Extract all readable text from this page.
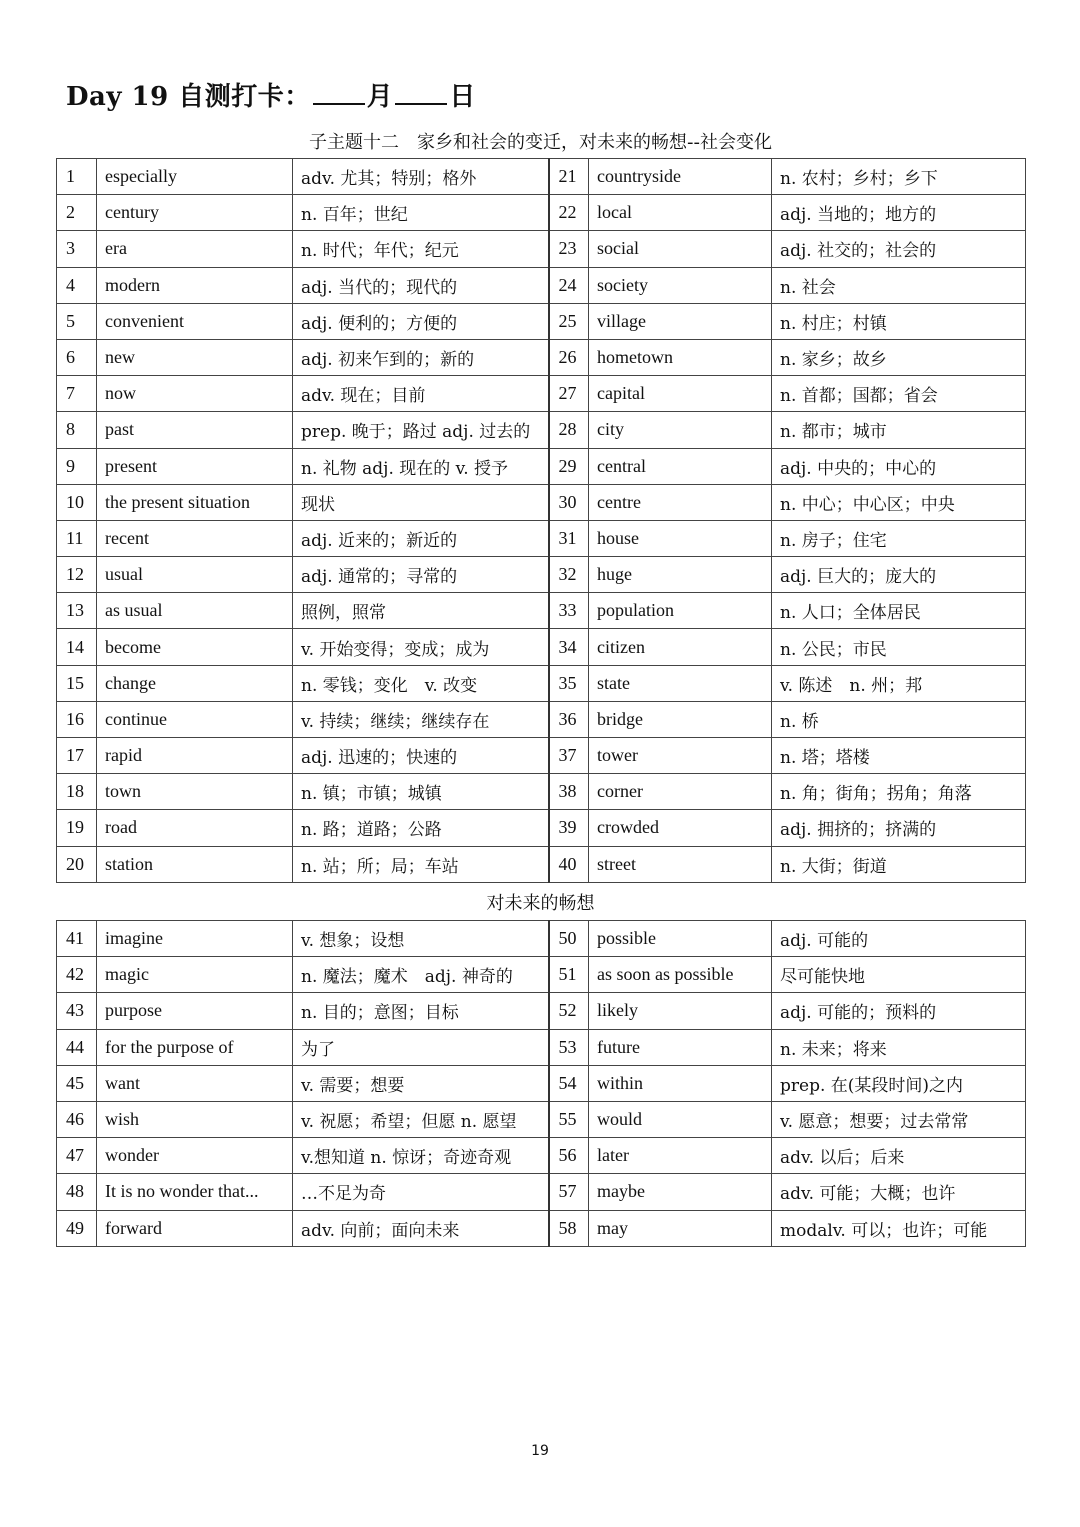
Day 19 自测打卡： 月 日
子主题十二　家乡和社会的变迁，对未来的畅想--社会变化
1	especially	adv. 尤其；特别；格外	21	countryside	n. 农村；乡村；乡下
2	century	n. 百年；世纪	22	local	adj. 当地的；地方的
3	era	n. 时代；年代；纪元	23	social	adj. 社交的；社会的
4	modern	adj. 当代的；现代的	24	society	n. 社会
5	convenient	adj. 便利的；方便的	25	village	n. 村庄；村镇
6	new	adj. 初来乍到的；新的	26	hometown	n. 家乡；故乡
7	now	adv. 现在；目前	27	capital	n. 首都；国都；省会
8	past	prep. 晚于；路过 adj. 过去的	28	city	n. 都市；城市
9	present	n. 礼物 adj. 现在的 v. 授予	29	central	adj. 中央的；中心的
10	the present situation	现状	30	centre	n. 中心；中心区；中央
11	recent	adj. 近来的；新近的	31	house	n. 房子；住宅
12	usual	adj. 通常的；寻常的	32	huge	adj. 巨大的；庞大的
13	as usual	照例，照常	33	population	n. 人口；全体居民
14	become	v. 开始变得；变成；成为	34	citizen	n. 公民；市民
15	change	n. 零钱；变化　v. 改变	35	state	v. 陈述　n. 州；邦
16	continue	v. 持续；继续；继续存在	36	bridge	n. 桥
17	rapid	adj. 迅速的；快速的	37	tower	n. 塔；塔楼
18	town	n. 镇；市镇；城镇	38	corner	n. 角；街角；拐角；角落
19	road	n. 路；道路；公路	39	crowded	adj. 拥挤的；挤满的
20	station	n. 站；所；局；车站	40	street	n. 大街；街道
对未来的畅想
41	imagine	v. 想象；设想	50	possible	adj. 可能的
42	magic	n. 魔法；魔术　adj. 神奇的	51	as soon as possible	尽可能快地
43	purpose	n. 目的；意图；目标	52	likely	adj. 可能的；预料的
44	for the purpose of	为了	53	future	n. 未来；将来
45	want	v. 需要；想要	54	within	prep. 在(某段时间)之内
46	wish	v. 祝愿；希望；但愿 n. 愿望	55	would	v. 愿意；想要；过去常常
47	wonder	v.想知道 n. 惊讶；奇迹奇观	56	later	adv. 以后；后来
48	It is no wonder that...	…不足为奇	57	maybe	adv. 可能；大概；也许
49	forward	adv. 向前；面向未来	58	may	modalv. 可以；也许；可能
19
